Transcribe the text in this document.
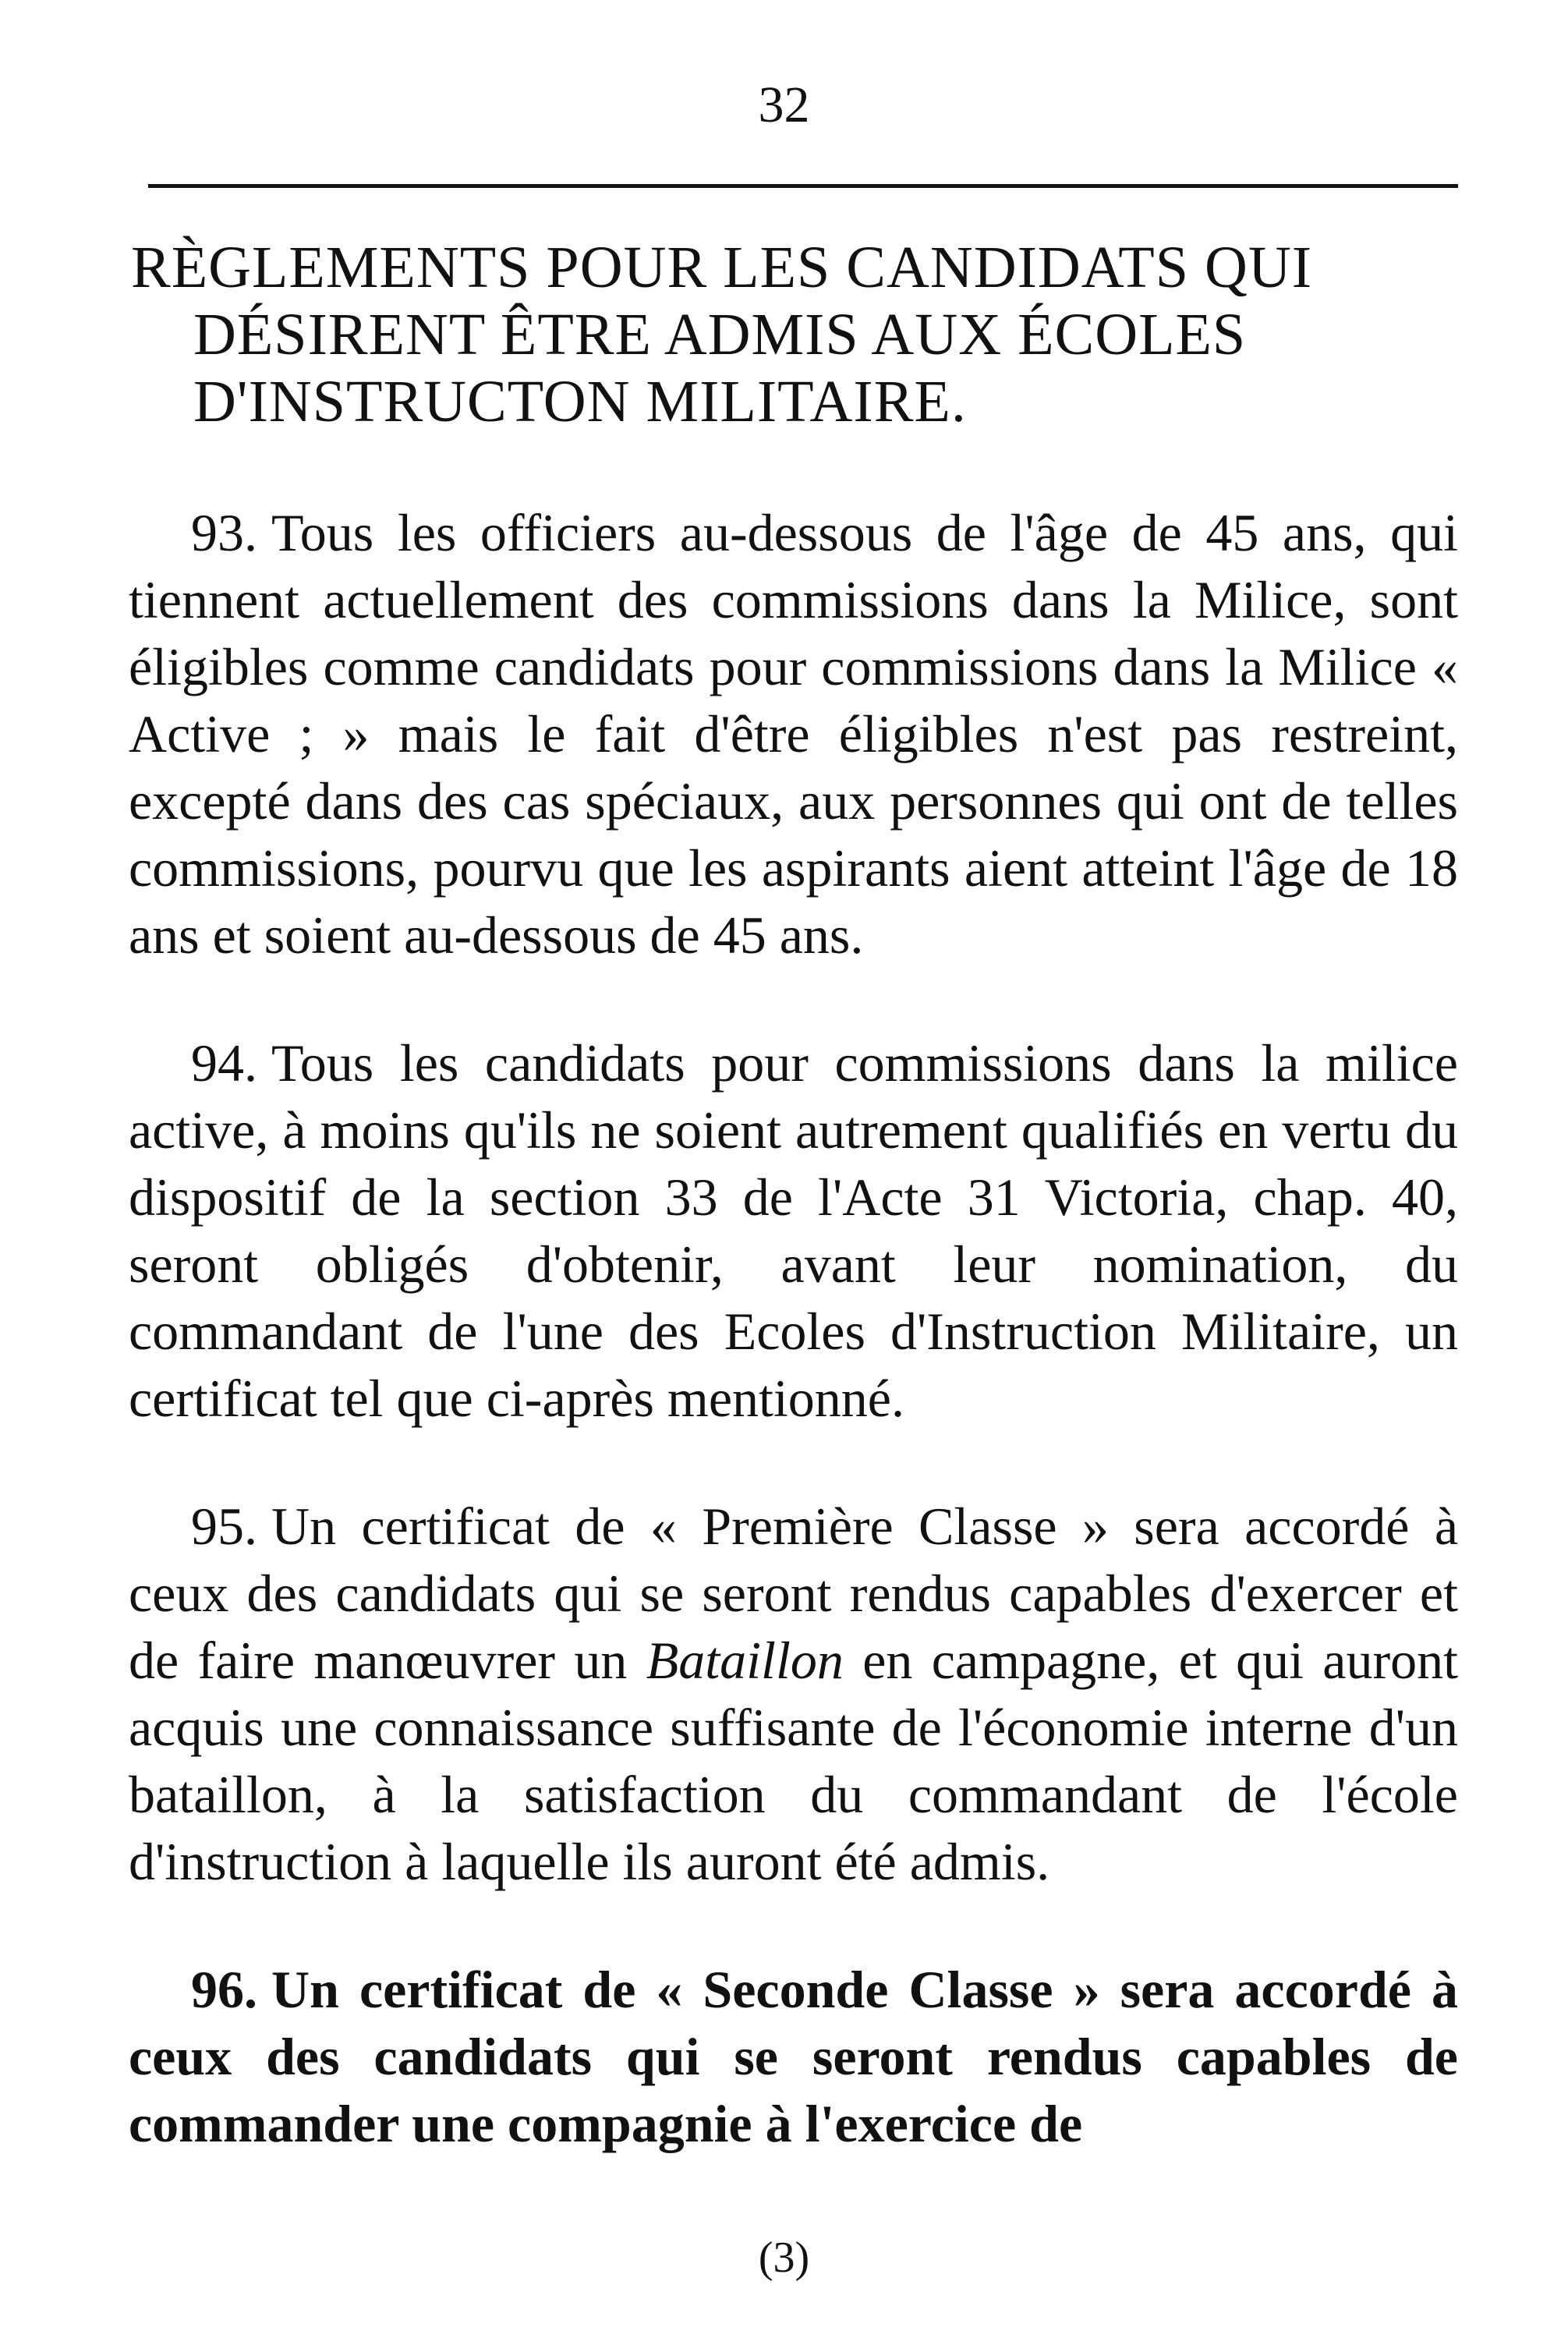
32

RÈGLEMENTS POUR LES CANDIDATS QUI
DÉSIRENT ÊTRE ADMIS AUX ÉCOLES
D'INSTRUCTON MILITAIRE.

93. Tous les officiers au-dessous de l'âge de 45 ans, qui tiennent actuellement des commissions dans la Milice, sont éligibles comme candidats pour commissions dans la Milice « Active ; » mais le fait d'être éligibles n'est pas restreint, excepté dans des cas spéciaux, aux personnes qui ont de telles commissions, pourvu que les aspirants aient atteint l'âge de 18 ans et soient au-dessous de 45 ans.

94. Tous les candidats pour commissions dans la milice active, à moins qu'ils ne soient autrement qualifiés en vertu du dispositif de la section 33 de l'Acte 31 Victoria, chap. 40, seront obligés d'obtenir, avant leur nomination, du commandant de l'une des Ecoles d'Instruction Militaire, un certificat tel que ci-après mentionné.

95. Un certificat de « Première Classe » sera accordé à ceux des candidats qui se seront rendus capables d'exercer et de faire manœuvrer un Bataillon en campagne, et qui auront acquis une connaissance suffisante de l'économie interne d'un bataillon, à la satisfaction du commandant de l'école d'instruction à laquelle ils auront été admis.

96. Un certificat de « Seconde Classe » sera accordé à ceux des candidats qui se seront rendus capables de commander une compagnie à l'exercice de

(3)
